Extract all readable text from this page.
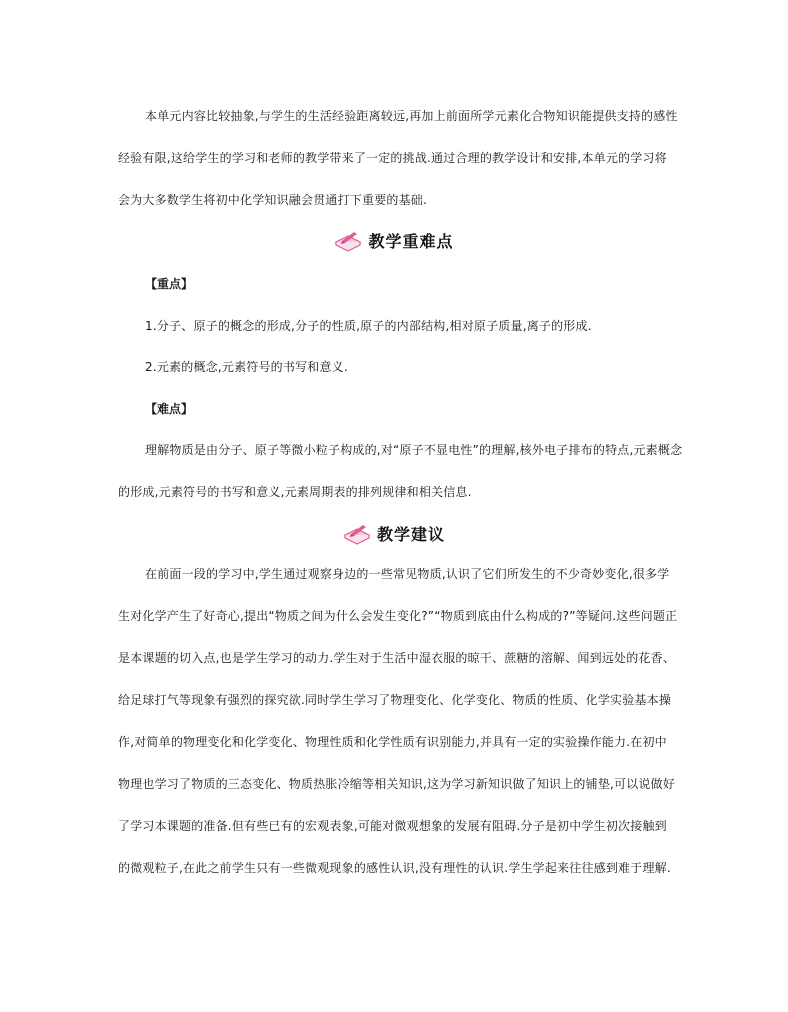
本单元内容比较抽象,与学生的生活经验距离较远,再加上前面所学元素化合物知识能提供支持的感性
经验有限,这给学生的学习和老师的教学带来了一定的挑战.通过合理的教学设计和安排,本单元的学习将
会为大多数学生将初中化学知识融会贯通打下重要的基础.
教学重难点
【重点】
1.分子、原子的概念的形成,分子的性质,原子的内部结构,相对原子质量,离子的形成.
2.元素的概念,元素符号的书写和意义.
【难点】
理解物质是由分子、原子等微小粒子构成的,对“原子不显电性”的理解,核外电子排布的特点,元素概念
的形成,元素符号的书写和意义,元素周期表的排列规律和相关信息.
教学建议
在前面一段的学习中,学生通过观察身边的一些常见物质,认识了它们所发生的不少奇妙变化,很多学
生对化学产生了好奇心,提出“物质之间为什么会发生变化?”“物质到底由什么构成的?”等疑问.这些问题正
是本课题的切入点,也是学生学习的动力.学生对于生活中湿衣服的晾干、蔗糖的溶解、闻到远处的花香、
给足球打气等现象有强烈的探究欲.同时学生学习了物理变化、化学变化、物质的性质、化学实验基本操
作,对简单的物理变化和化学变化、物理性质和化学性质有识别能力,并具有一定的实验操作能力.在初中
物理也学习了物质的三态变化、物质热胀冷缩等相关知识,这为学习新知识做了知识上的铺垫,可以说做好
了学习本课题的准备.但有些已有的宏观表象,可能对微观想象的发展有阻碍.分子是初中学生初次接触到
的微观粒子,在此之前学生只有一些微观现象的感性认识,没有理性的认识.学生学起来往往感到难于理解.
